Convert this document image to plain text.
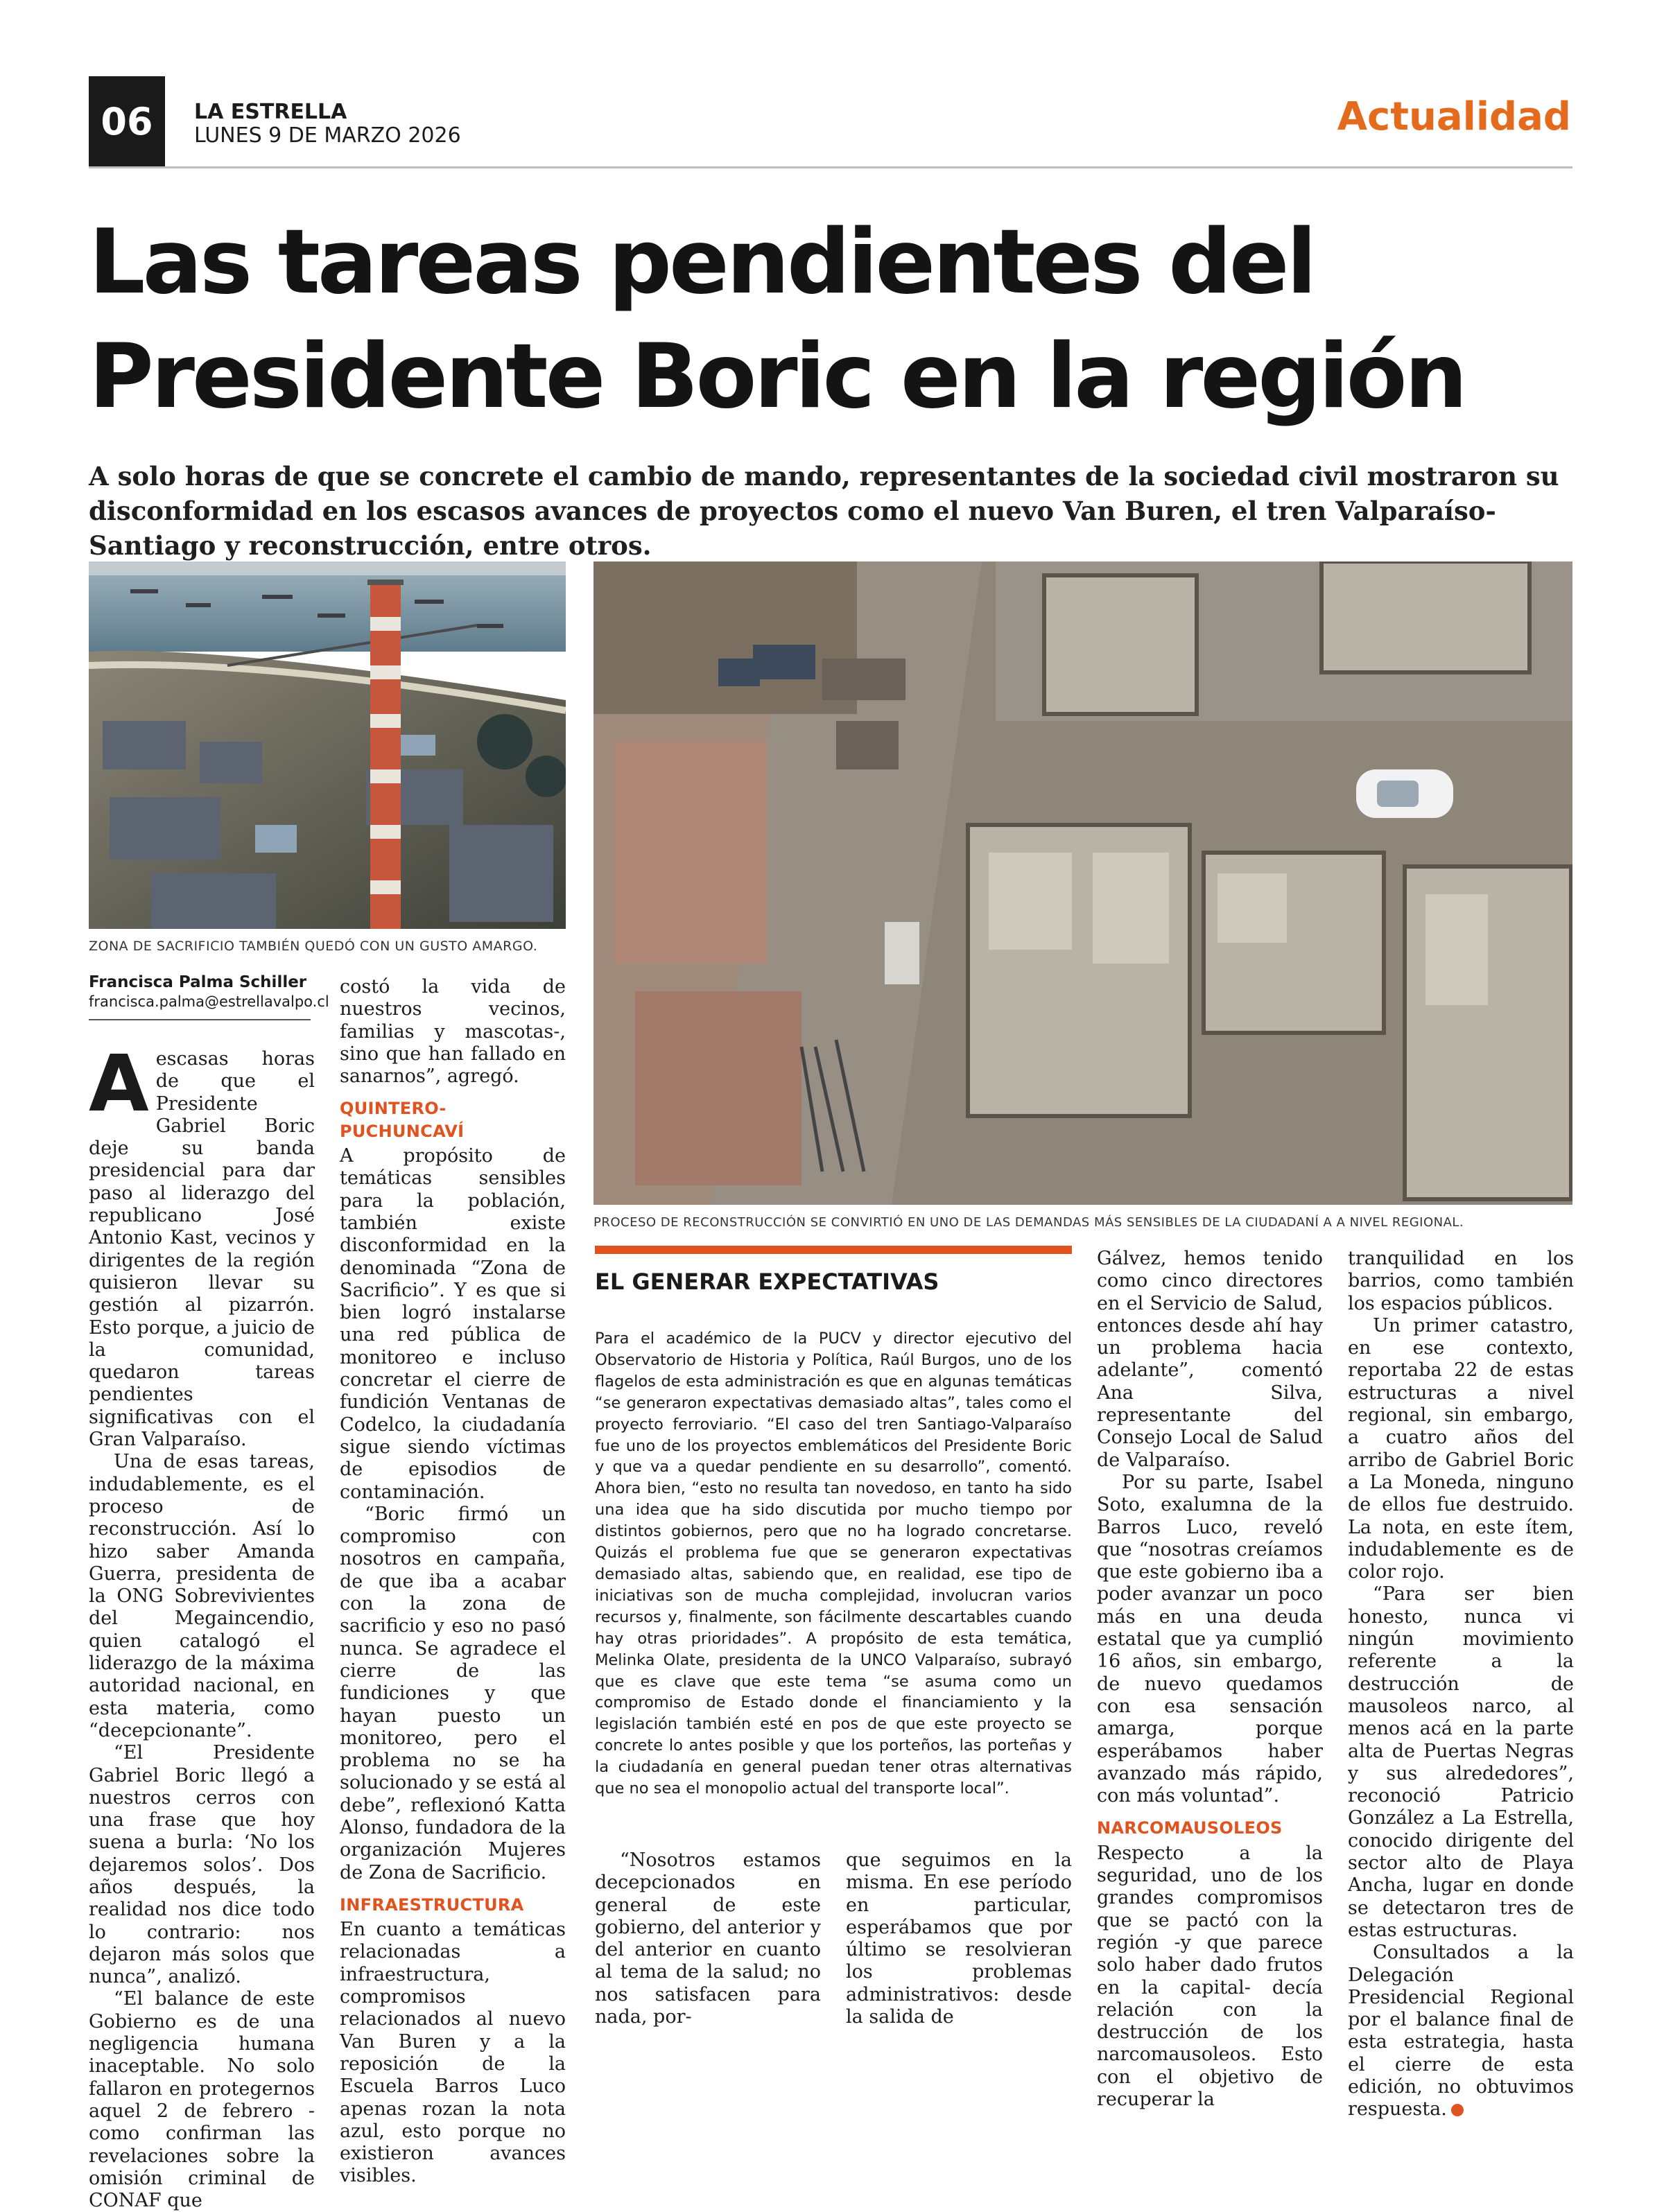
06	LA ESTRELLA
LUNES 9 DE MARZO 2026	Actualidad
Las tareas pendientes del Presidente Boric en la región

A solo horas de que se concrete el cambio de mando, representantes de la sociedad civil mostraron su disconformidad en los escasos avances de proyectos como el nuevo Van Buren, el tren Valparaíso-Santiago y reconstrucción, entre otros.

ZONA DE SACRIFICIO TAMBIÉN QUEDÓ CON UN GUSTO AMARGO.
PROCESO DE RECONSTRUCCIÓN SE CONVIRTIÓ EN UNO DE LAS DEMANDAS MÁS SENSIBLES DE LA CIUDADANÍ A A NIVEL REGIONAL.
Francisca Palma Schiller
francisca.palma@estrellavalpo.cl
A escasas horas de que el Presidente Gabriel Boric deje su banda presidencial para dar paso al liderazgo del republicano José Antonio Kast, vecinos y dirigentes de la región quisieron llevar su gestión al pizarrón. Esto porque, a juicio de la comunidad, quedaron tareas pendientes significativas con el Gran Valparaíso.

Una de esas tareas, indudablemente, es el proceso de reconstrucción. Así lo hizo saber Amanda Guerra, presidenta de la ONG Sobrevivientes del Megaincendio, quien catalogó el liderazgo de la máxima autoridad nacional, en esta materia, como “decepcionante”.

“El Presidente Gabriel Boric llegó a nuestros cerros con una frase que hoy suena a burla: ‘No los dejaremos solos’. Dos años después, la realidad nos dice todo lo contrario: nos dejaron más solos que nunca”, analizó.

“El balance de este Gobierno es de una negligencia humana inaceptable. No solo fallaron en protegernos aquel 2 de febrero - como confirman las revelaciones sobre la omisión criminal de CONAF que

costó la vida de nuestros vecinos, familias y mascotas-, sino que han fallado en sanarnos”, agregó.

QUINTERO-PUCHUNCAVÍ

A propósito de temáticas sensibles para la población, también existe disconformidad en la denominada “Zona de Sacrificio”. Y es que si bien logró instalarse una red pública de monitoreo e incluso concretar el cierre de fundición Ventanas de Codelco, la ciudadanía sigue siendo víctimas de episodios de contaminación.

“Boric firmó un compromiso con nosotros en campaña, de que iba a acabar con la zona de sacrificio y eso no pasó nunca. Se agradece el cierre de las fundiciones y que hayan puesto un monitoreo, pero el problema no se ha solucionado y se está al debe”, reflexionó Katta Alonso, fundadora de la organización Mujeres de Zona de Sacrificio.

INFRAESTRUCTURA

En cuanto a temáticas relacionadas a infraestructura, compromisos relacionados al nuevo Van Buren y a la reposición de la Escuela Barros Luco apenas rozan la nota azul, esto porque no existieron avances visibles.

EL GENERAR EXPECTATIVAS

Para el académico de la PUCV y director ejecutivo del Observatorio de Historia y Política, Raúl Burgos, uno de los flagelos de esta administración es que en algunas temáticas “se generaron expectativas demasiado altas”, tales como el proyecto ferroviario. “El caso del tren Santiago-Valparaíso fue uno de los proyectos emblemáticos del Presidente Boric y que va a quedar pendiente en su desarrollo”, comentó. Ahora bien, “esto no resulta tan novedoso, en tanto ha sido una idea que ha sido discutida por mucho tiempo por distintos gobiernos, pero que no ha logrado concretarse. Quizás el problema fue que se generaron expectativas demasiado altas, sabiendo que, en realidad, ese tipo de iniciativas son de mucha complejidad, involucran varios recursos y, finalmente, son fácilmente descartables cuando hay otras prioridades”. A propósito de esta temática, Melinka Olate, presidenta de la UNCO Valparaíso, subrayó que es clave que este tema “se asuma como un compromiso de Estado donde el financiamiento y la legislación también esté en pos de que este proyecto se concrete lo antes posible y que los porteños, las porteñas y la ciudadanía en general puedan tener otras alternativas que no sea el monopolio actual del transporte local”.

“Nosotros estamos decepcionados en general de este gobierno, del anterior y del anterior en cuanto al tema de la salud; no nos satisfacen para nada, por-

que seguimos en la misma. En ese período en particular, esperábamos que por último se resolvieran los problemas administrativos: desde la salida de

Gálvez, hemos tenido como cinco directores en el Servicio de Salud, entonces desde ahí hay un problema hacia adelante”, comentó Ana Silva, representante del Consejo Local de Salud de Valparaíso.

Por su parte, Isabel Soto, exalumna de la Barros Luco, reveló que “nosotras creíamos que este gobierno iba a poder avanzar un poco más en una deuda estatal que ya cumplió 16 años, sin embargo, de nuevo quedamos con esa sensación amarga, porque esperábamos haber avanzado más rápido, con más voluntad”.

NARCOMAUSOLEOS

Respecto a la seguridad, uno de los grandes compromisos que se pactó con la región -y que parece solo haber dado frutos en la capital- decía relación con la destrucción de los narcomausoleos. Esto con el objetivo de recuperar la

tranquilidad en los barrios, como también los espacios públicos.

Un primer catastro, en ese contexto, reportaba 22 de estas estructuras a nivel regional, sin embargo, a cuatro años del arribo de Gabriel Boric a La Moneda, ninguno de ellos fue destruido. La nota, en este ítem, indudablemente es de color rojo.

“Para ser bien honesto, nunca vi ningún movimiento referente a la destrucción de mausoleos narco, al menos acá en la parte alta de Puertas Negras y sus alrededores”, reconoció Patricio González a La Estrella, conocido dirigente del sector alto de Playa Ancha, lugar en donde se detectaron tres de estas estructuras.

Consultados a la Delegación Presidencial Regional por el balance final de esta estrategia, hasta el cierre de esta edición, no obtuvimos respuesta.
